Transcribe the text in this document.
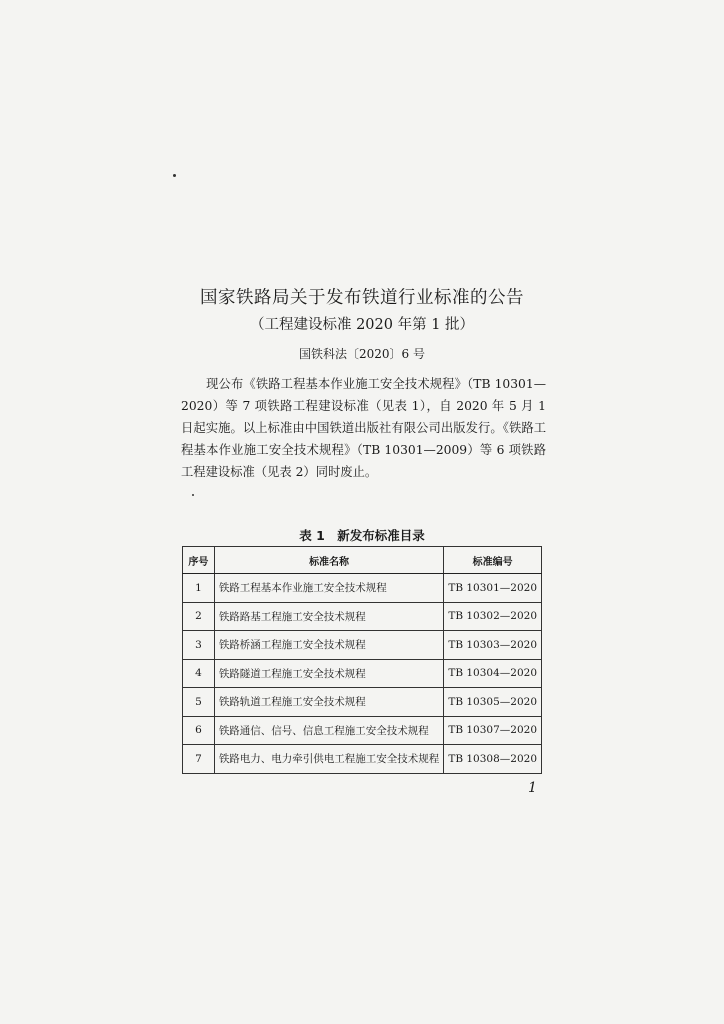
国家铁路局关于发布铁道行业标准的公告
（工程建设标准 2020 年第 1 批）
国铁科法〔2020〕6 号

现公布《铁路工程基本作业施工安全技术规程》（TB 10301—2020）等 7 项铁路工程建设标准（见表 1），自 2020 年 5 月 1 日起实施。以上标准由中国铁道出版社有限公司出版发行。《铁路工程基本作业施工安全技术规程》（TB 10301—2009）等 6 项铁路工程建设标准（见表 2）同时废止。

表 1　新发布标准目录
序号	标准名称	标准编号
1	铁路工程基本作业施工安全技术规程	TB 10301—2020
2	铁路路基工程施工安全技术规程	TB 10302—2020
3	铁路桥涵工程施工安全技术规程	TB 10303—2020
4	铁路隧道工程施工安全技术规程	TB 10304—2020
5	铁路轨道工程施工安全技术规程	TB 10305—2020
6	铁路通信、信号、信息工程施工安全技术规程	TB 10307—2020
7	铁路电力、电力牵引供电工程施工安全技术规程	TB 10308—2020
1
